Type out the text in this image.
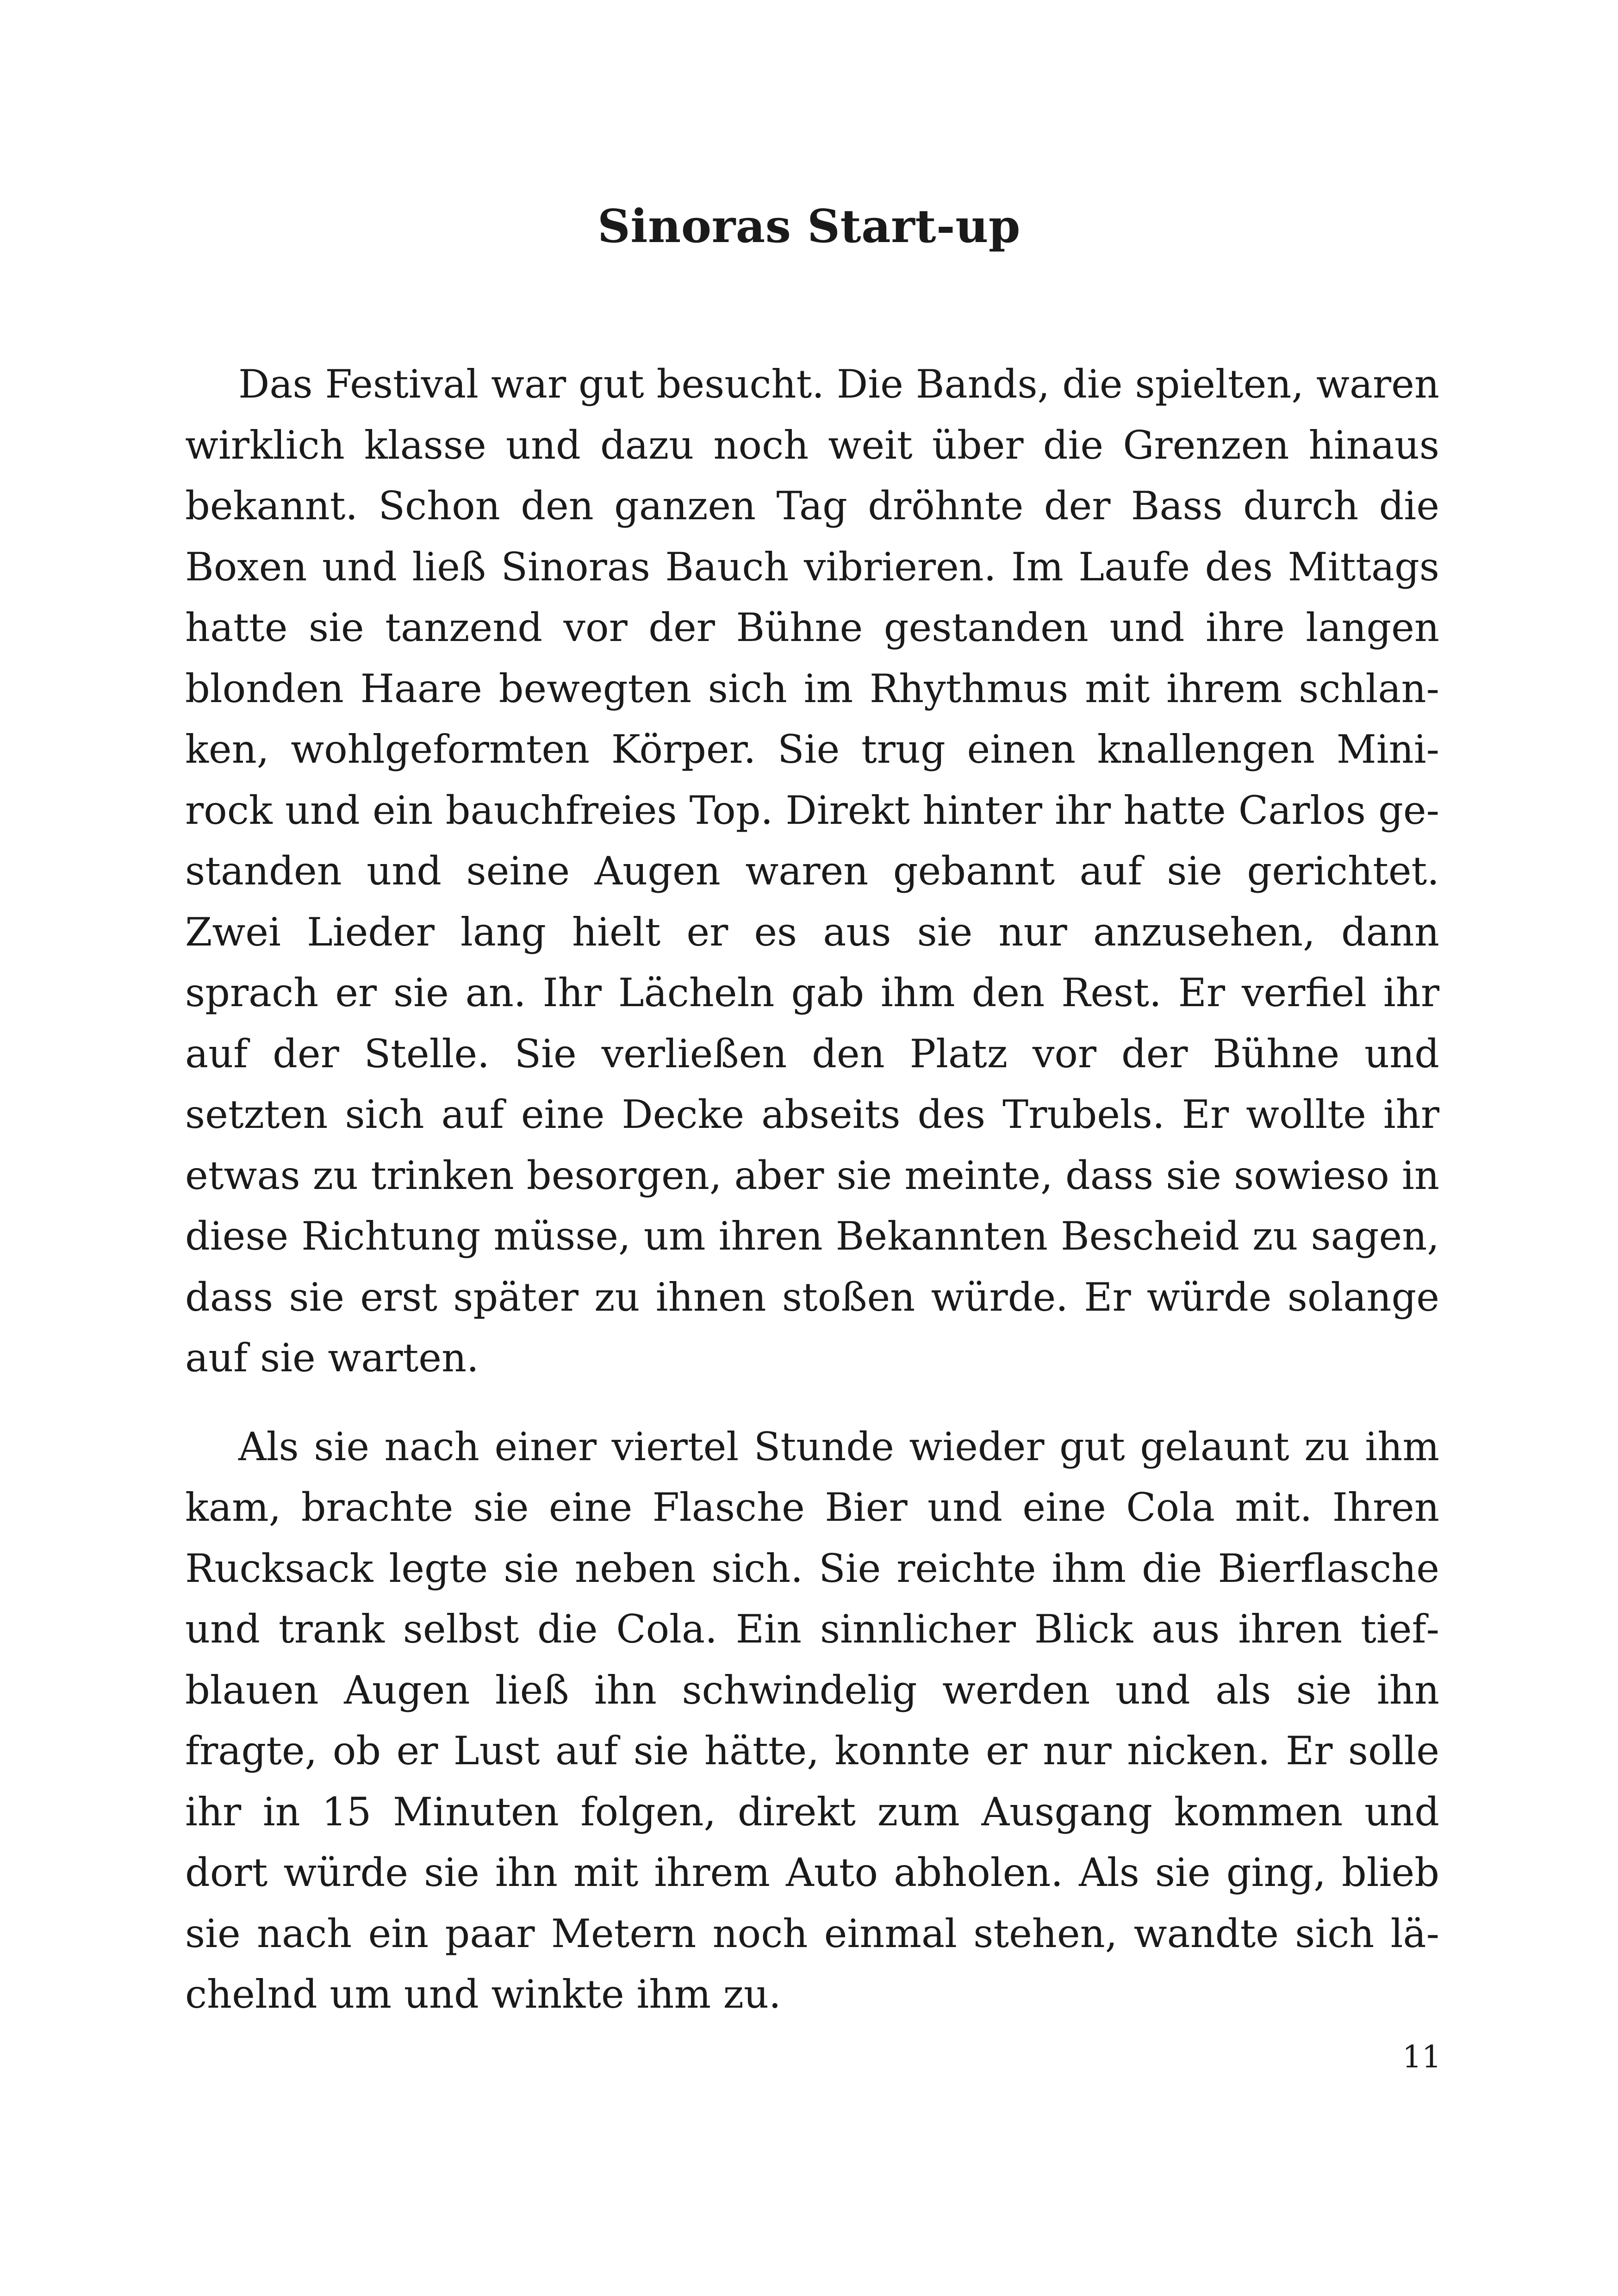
Sinoras Start-up

Das Festival war gut besucht. Die Bands, die spielten, waren wirklich klasse und dazu noch weit über die Grenzen hinaus bekannt. Schon den ganzen Tag dröhnte der Bass durch die Boxen und ließ Sinoras Bauch vibrieren. Im Laufe des Mittags hatte sie tanzend vor der Bühne gestanden und ihre langen blonden Haare bewegten sich im Rhythmus mit ihrem schlanken, wohlgeformten Körper. Sie trug einen knallengen Minirock und ein bauchfreies Top. Direkt hinter ihr hatte Carlos gestanden und seine Augen waren gebannt auf sie gerichtet. Zwei Lieder lang hielt er es aus sie nur anzusehen, dann sprach er sie an. Ihr Lächeln gab ihm den Rest. Er verfiel ihr auf der Stelle. Sie verließen den Platz vor der Bühne und setzten sich auf eine Decke abseits des Trubels. Er wollte ihr etwas zu trinken besorgen, aber sie meinte, dass sie sowieso in diese Richtung müsse, um ihren Bekannten Bescheid zu sagen, dass sie erst später zu ihnen stoßen würde. Er würde solange auf sie warten.

Als sie nach einer viertel Stunde wieder gut gelaunt zu ihm kam, brachte sie eine Flasche Bier und eine Cola mit. Ihren Rucksack legte sie neben sich. Sie reichte ihm die Bierflasche und trank selbst die Cola. Ein sinnlicher Blick aus ihren tiefblauen Augen ließ ihn schwindelig werden und als sie ihn fragte, ob er Lust auf sie hätte, konnte er nur nicken. Er solle ihr in 15 Minuten folgen, direkt zum Ausgang kommen und dort würde sie ihn mit ihrem Auto abholen. Als sie ging, blieb sie nach ein paar Metern noch einmal stehen, wandte sich lächelnd um und winkte ihm zu.

11
